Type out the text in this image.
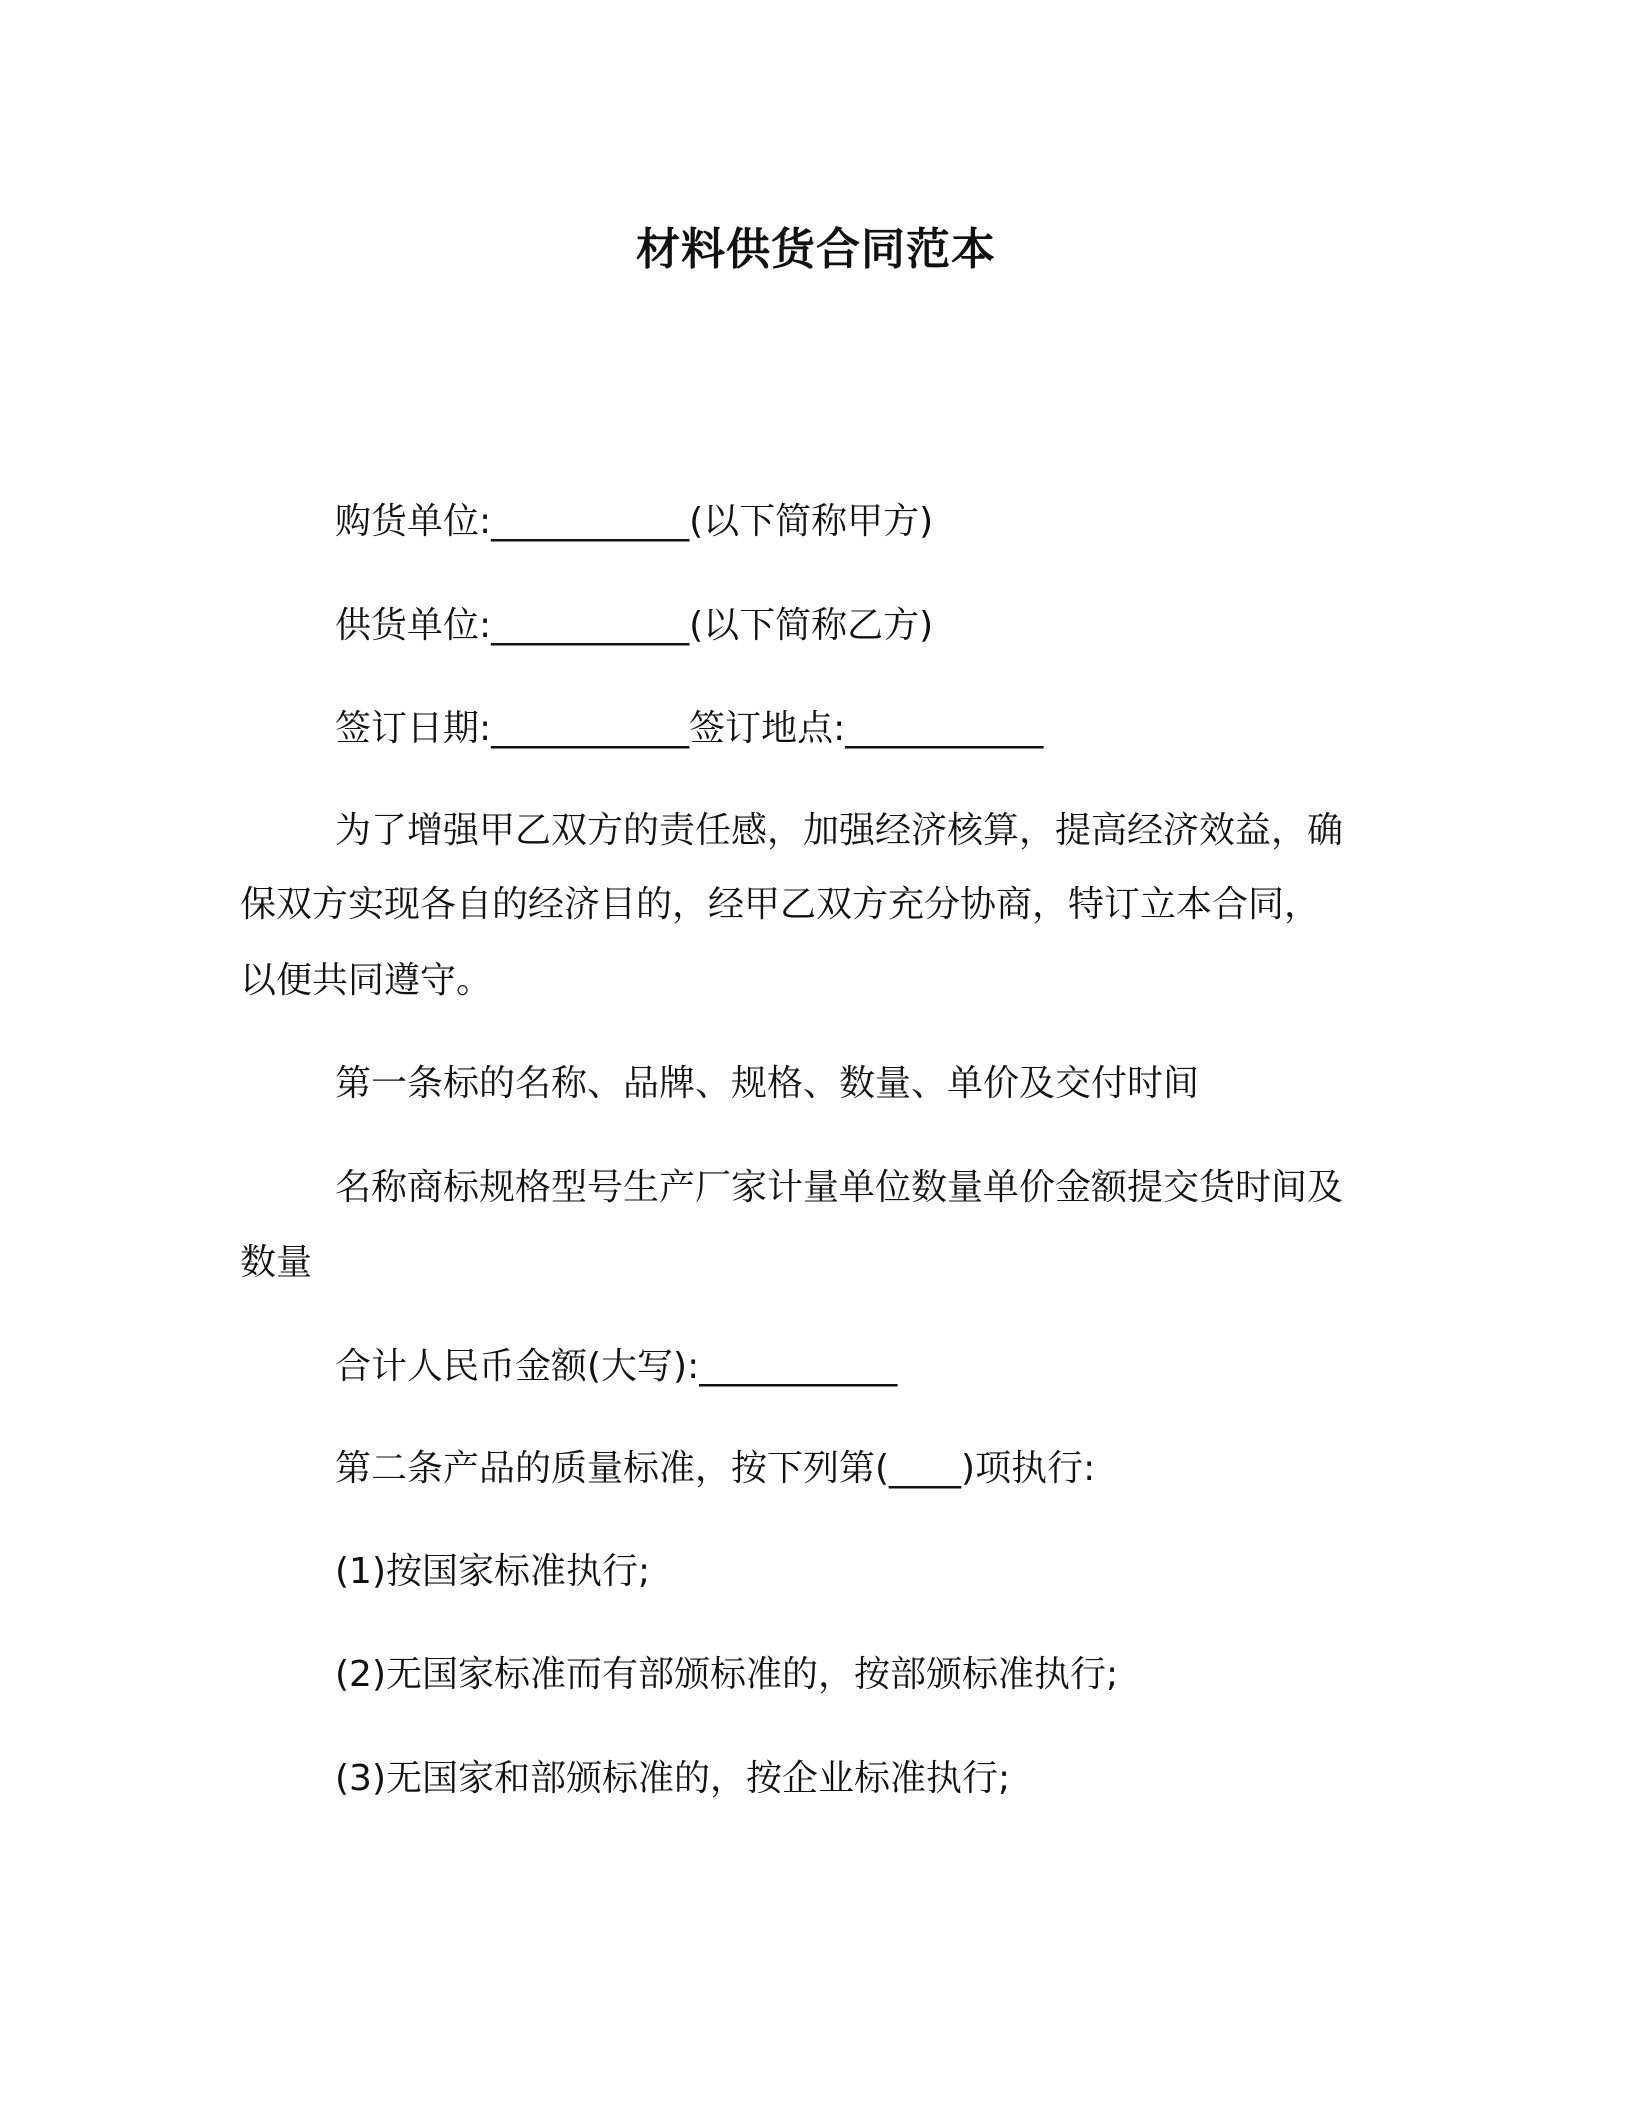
材料供货合同范本
购货单位:___________(以下简称甲方)
供货单位:___________(以下简称乙方)
签订日期:___________签订地点:___________
为了增强甲乙双方的责任感，加强经济核算，提高经济效益，确
保双方实现各自的经济目的，经甲乙双方充分协商，特订立本合同，
以便共同遵守。
第一条标的名称、品牌、规格、数量、单价及交付时间
名称商标规格型号生产厂家计量单位数量单价金额提交货时间及
数量
合计人民币金额(大写):___________
第二条产品的质量标准，按下列第(____)项执行:
(1)按国家标准执行;
(2)无国家标准而有部颁标准的，按部颁标准执行;
(3)无国家和部颁标准的，按企业标准执行;
